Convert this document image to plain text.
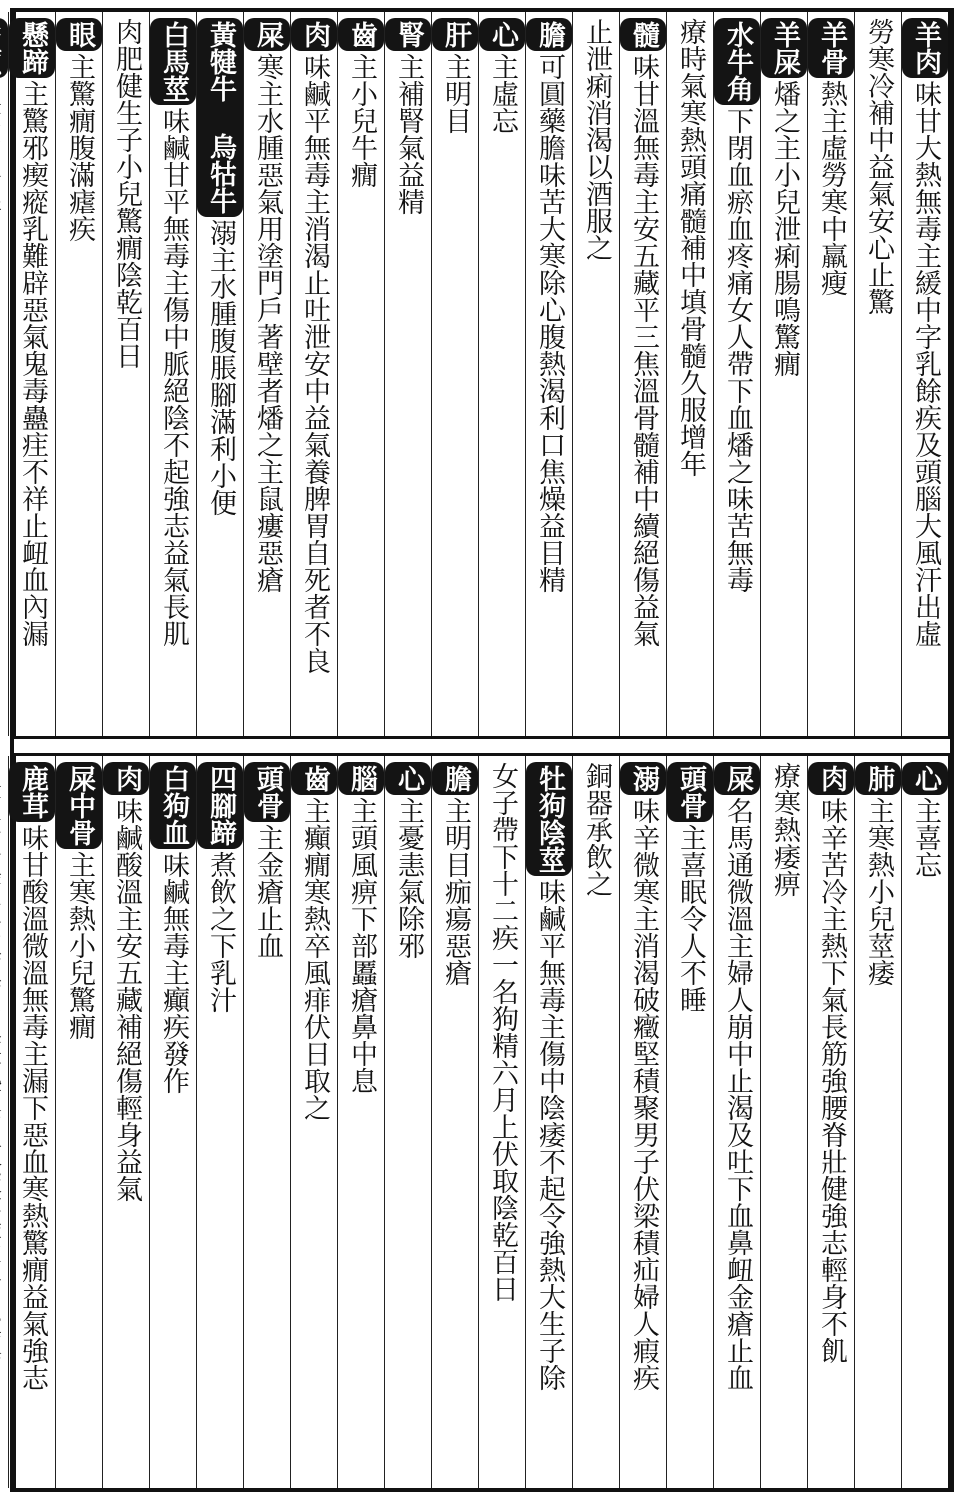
羊肉味甘大熱無毒主緩中字乳餘疾及頭腦大風汗出虛
勞寒冷補中益氣安心止驚
羊骨熱主虛勞寒中羸瘦
羊屎燔之主小兒泄痢腸鳴驚癇
水牛角下閉血瘀血疼痛女人帶下血燔之味苦無毒
療時氣寒熱頭痛髓補中填骨髓久服增年
髓味甘溫無毒主安五藏平三焦溫骨髓補中續絕傷益氣
止泄痢消渴以酒服之
膽可圓藥膽味苦大寒除心腹熱渴利口焦燥益目精
心主虛忘
肝主明目
腎主補腎氣益精
齒主小兒牛癇
肉味鹹平無毒主消渴止吐泄安中益氣養脾胃自死者不良
屎寒主水腫惡氣用塗門戶著壁者燔之主鼠瘻惡瘡
黃犍牛 烏牯牛溺主水腫腹脹腳滿利小便
白馬莖味鹹甘平無毒主傷中脈絕陰不起強志益氣長肌
肉肥健生子小兒驚癇陰乾百日
眼主驚癇腹滿瘧疾
懸蹄主驚邪瘈瘲乳難辟惡氣鬼毒蠱疰不祥止衄血內漏
心主喜忘
肺主寒熱小兒莖痿
肉味辛苦冷主熱下氣長筋強腰脊壯健強志輕身不飢
療寒熱痿痹
屎名馬通微溫主婦人崩中止渴及吐下血鼻衄金瘡止血
頭骨主喜眠令人不睡
溺味辛微寒主消渴破癥堅積聚男子伏梁積疝婦人瘕疾
銅器承飲之
牡狗陰莖味鹹平無毒主傷中陰痿不起令強熱大生子除
女子帶下十二疾一名狗精六月上伏取陰乾百日
膽主明目痂瘍惡瘡
心主憂恚氣除邪
腦主頭風痹下部䘌瘡鼻中息
齒主癲癇寒熱卒風痱伏日取之
頭骨主金瘡止血
四腳蹄煮飲之下乳汁
白狗血味鹹無毒主癲疾發作
肉味鹹酸溫主安五藏補絕傷輕身益氣
屎中骨主寒熱小兒驚癇
鹿茸味甘酸溫微溫無毒主漏下惡血寒熱驚癇益氣強志
